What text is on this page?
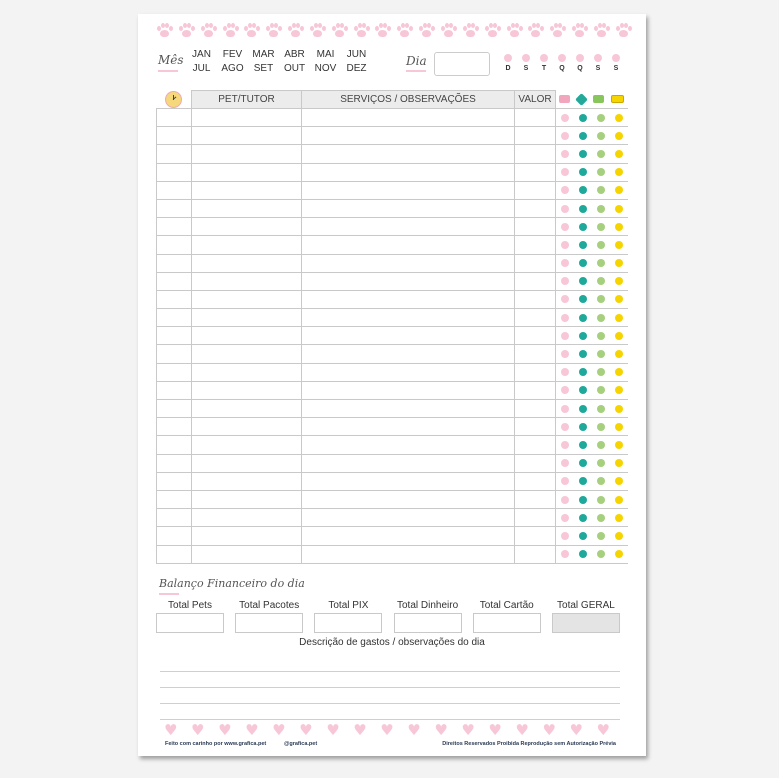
Mês JAN	FEV	MAR ABR	MAI	JUN
JUL	AGO	SET	OUT NOV	DEZ
Dia
D	S	T	Q	Q	S	S
	PET/TUTOR	SERVIÇOS / OBSERVAÇÕES	VALOR	

Balanço Financeiro do dia
Total Pets	Total Pacotes	Total PIX	Total Dinheiro	Total Cartão	Total GERAL
Descrição de gastos / observações do dia
♥ ♥ ♥ ♥ ♥ ♥ ♥ ♥ ♥ ♥ ♥ ♥ ♥ ♥ ♥ ♥ ♥
Feito com carinho por www.grafica.pet	@grafica.pet	Direitos Reservados Proibida Reprodução sem Autorização Prévia
